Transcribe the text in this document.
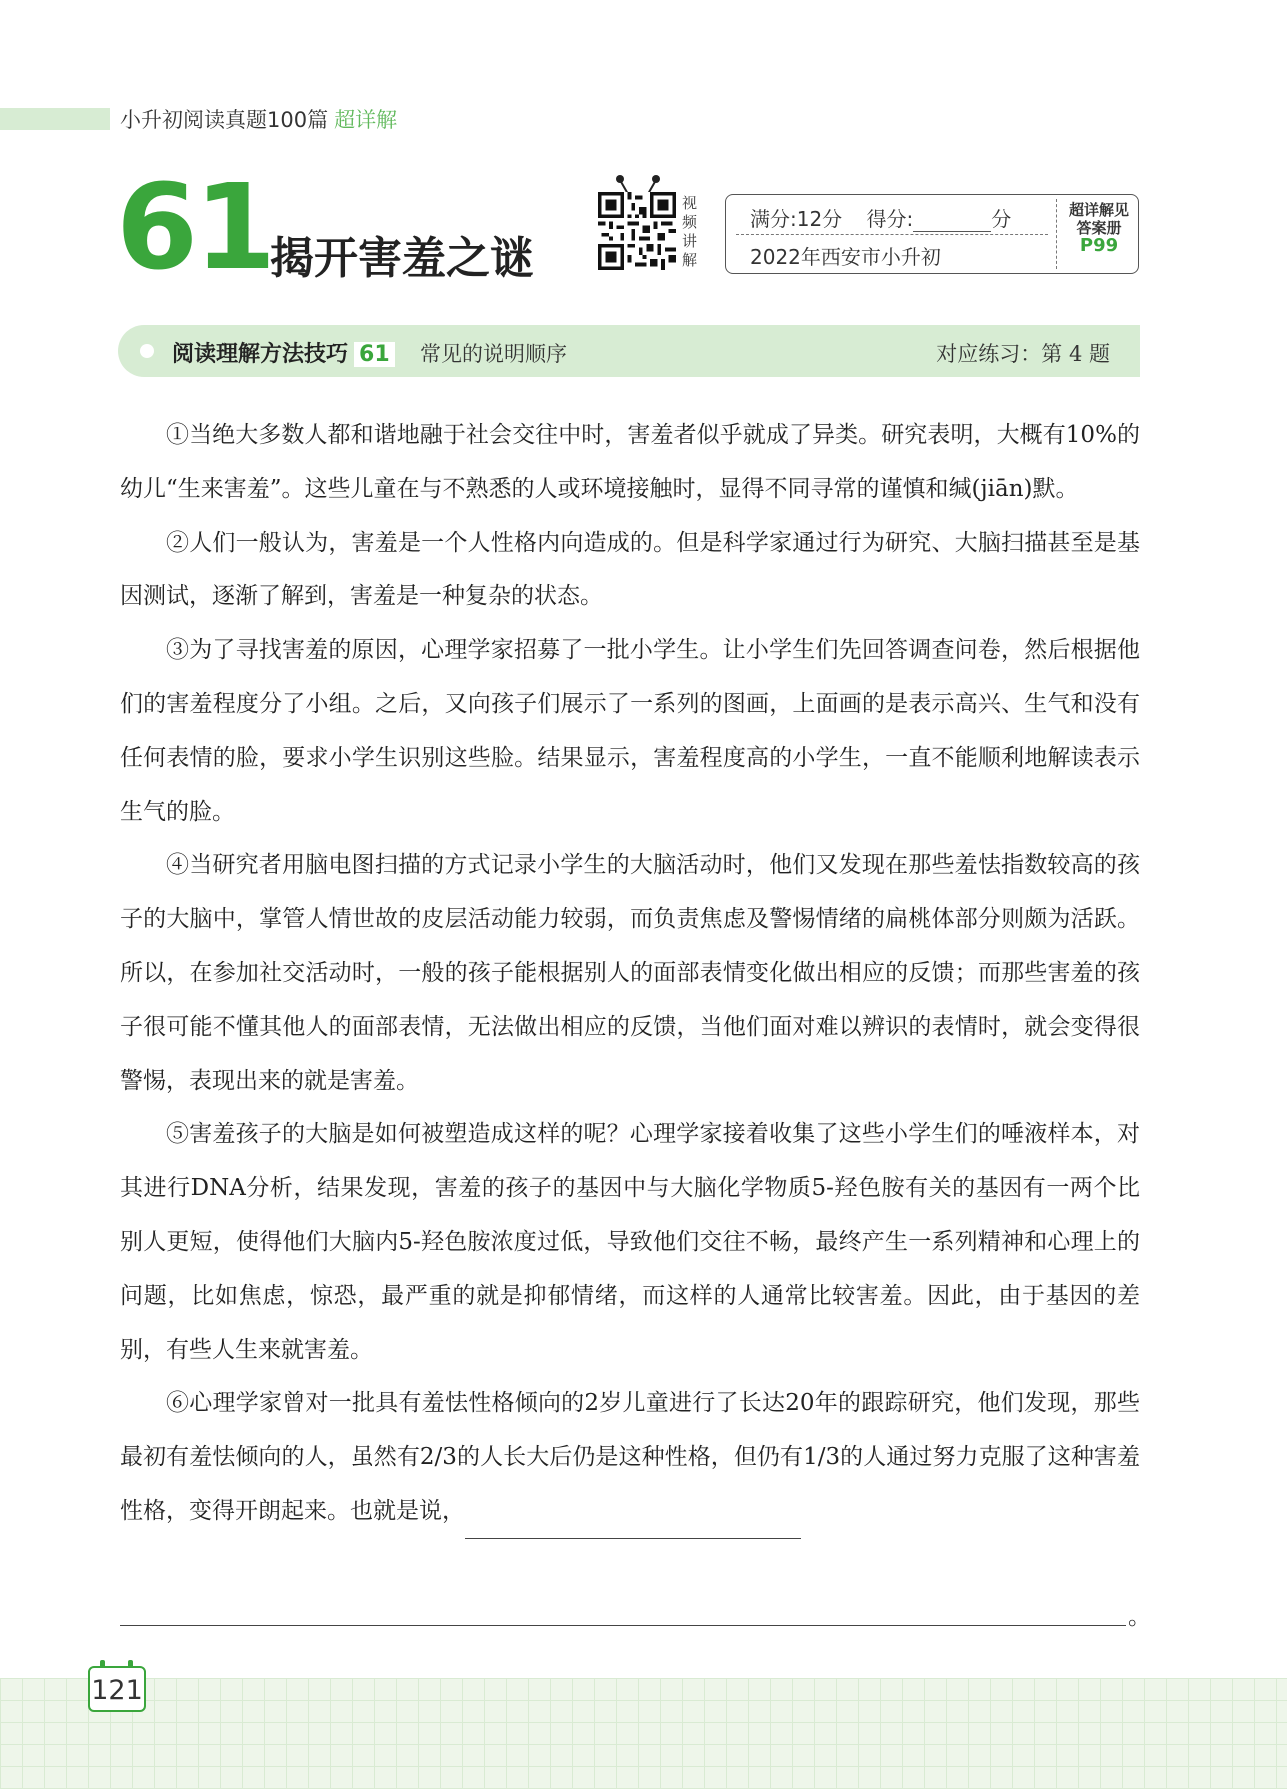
小升初阅读真题100篇 超详解
61
揭开害羞之谜
视
频
讲
解
满分:12分 得分:	分
2022年西安市小升初
超详解见
答案册
P99
阅读理解方法技巧 61 常见的说明顺序	对应练习：第 4 题

①当绝大多数人都和谐地融于社会交往中时，害羞者似乎就成了异类。研究表明，大概有10%的幼儿“生来害羞”。这些儿童在与不熟悉的人或环境接触时，显得不同寻常的谨慎和缄(jiān)默。

②人们一般认为，害羞是一个人性格内向造成的。但是科学家通过行为研究、大脑扫描甚至是基因测试，逐渐了解到，害羞是一种复杂的状态。

③为了寻找害羞的原因，心理学家招募了一批小学生。让小学生们先回答调查问卷，然后根据他们的害羞程度分了小组。之后，又向孩子们展示了一系列的图画，上面画的是表示高兴、生气和没有任何表情的脸，要求小学生识别这些脸。结果显示，害羞程度高的小学生，一直不能顺利地解读表示生气的脸。

④当研究者用脑电图扫描的方式记录小学生的大脑活动时，他们又发现在那些羞怯指数较高的孩子的大脑中，掌管人情世故的皮层活动能力较弱，而负责焦虑及警惕情绪的扁桃体部分则颇为活跃。所以，在参加社交活动时，一般的孩子能根据别人的面部表情变化做出相应的反馈；而那些害羞的孩子很可能不懂其他人的面部表情，无法做出相应的反馈，当他们面对难以辨识的表情时，就会变得很警惕，表现出来的就是害羞。

⑤害羞孩子的大脑是如何被塑造成这样的呢？心理学家接着收集了这些小学生们的唾液样本，对其进行DNA分析，结果发现，害羞的孩子的基因中与大脑化学物质5-羟色胺有关的基因有一两个比别人更短，使得他们大脑内5-羟色胺浓度过低，导致他们交往不畅，最终产生一系列精神和心理上的问题，比如焦虑，惊恐，最严重的就是抑郁情绪，而这样的人通常比较害羞。因此，由于基因的差别，有些人生来就害羞。

⑥心理学家曾对一批具有羞怯性格倾向的2岁儿童进行了长达20年的跟踪研究，他们发现，那些最初有羞怯倾向的人，虽然有2/3的人长大后仍是这种性格，但仍有1/3的人通过努力克服了这种害羞性格，变得开朗起来。也就是说，

。
121
